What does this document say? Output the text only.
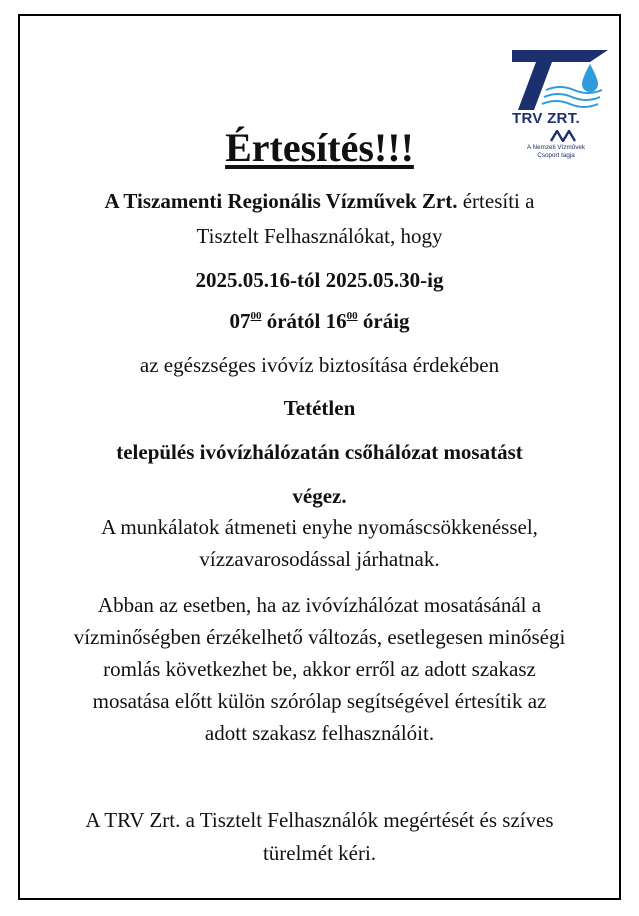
TRV ZRT.
A Nemzeti Vízművek
Csoport tagja
Értesítés!!!
A Tiszamenti Regionális Vízművek Zrt. értesíti a
Tisztelt Felhasználókat, hogy
2025.05.16-tól 2025.05.30-ig
$07^{00}$ órától $16^{00}$ óráig
az egészséges ivóvíz biztosítása érdekében
Tetétlen
település ivóvízhálózatán csőhálózat mosatást
végez.
A munkálatok átmeneti enyhe nyomáscsökkenéssel,
vízzavarosodással járhatnak.
Abban az esetben, ha az ivóvízhálózat mosatásánál a
vízminőségben érzékelhető változás, esetlegesen minőségi
romlás következhet be, akkor erről az adott szakasz
mosatása előtt külön szórólap segítségével értesítik az
adott szakasz felhasználóit.
A TRV Zrt. a Tisztelt Felhasználók megértését és szíves
türelmét kéri.
